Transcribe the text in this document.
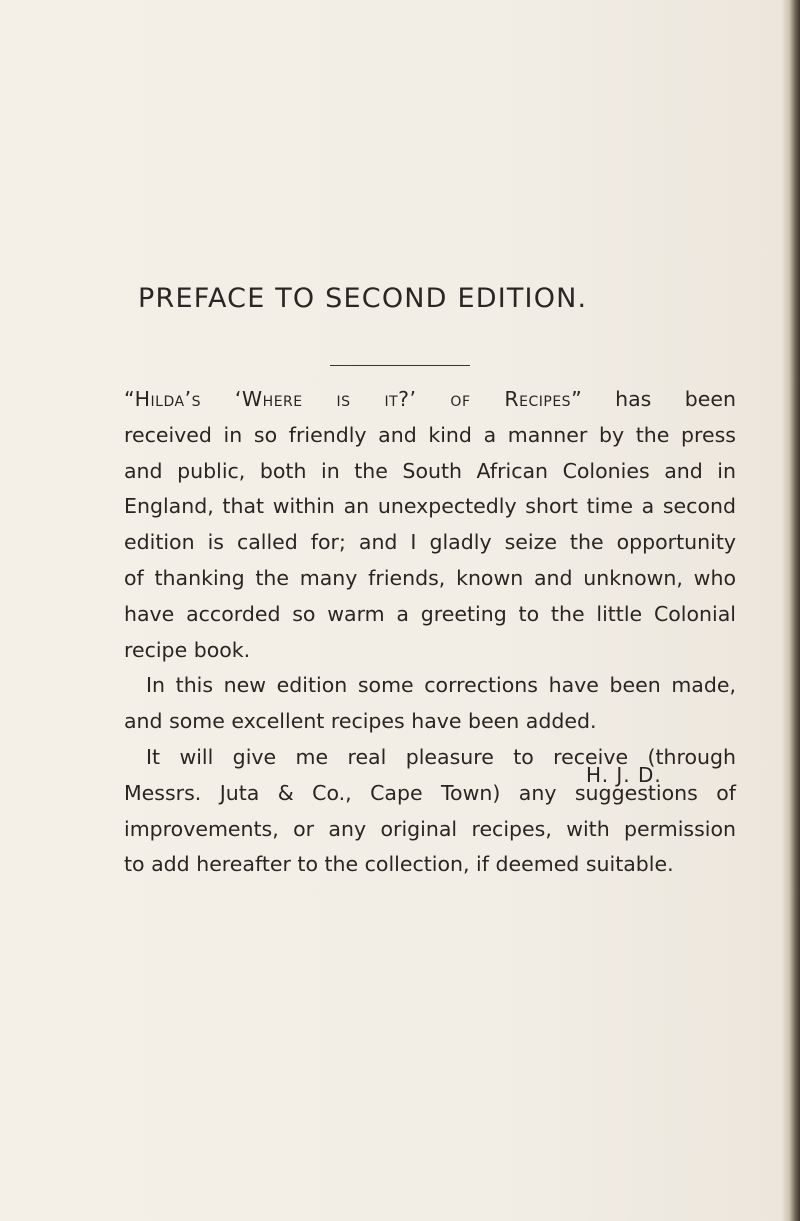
PREFACE TO SECOND EDITION.
“Hilda’s ‘Where is it?’ of Recipes” has been
received in so friendly and kind a manner by the press
and public, both in the South African Colonies and in
England, that within an unexpectedly short time a second
edition is called for; and I gladly seize the opportunity
of thanking the many friends, known and unknown, who
have accorded so warm a greeting to the little Colonial
recipe book.
In this new edition some corrections have been made,
and some excellent recipes have been added.
It will give me real pleasure to receive (through
Messrs. Juta & Co., Cape Town) any suggestions of
improvements, or any original recipes, with permission
to add hereafter to the collection, if deemed suitable.
H. J. D.
